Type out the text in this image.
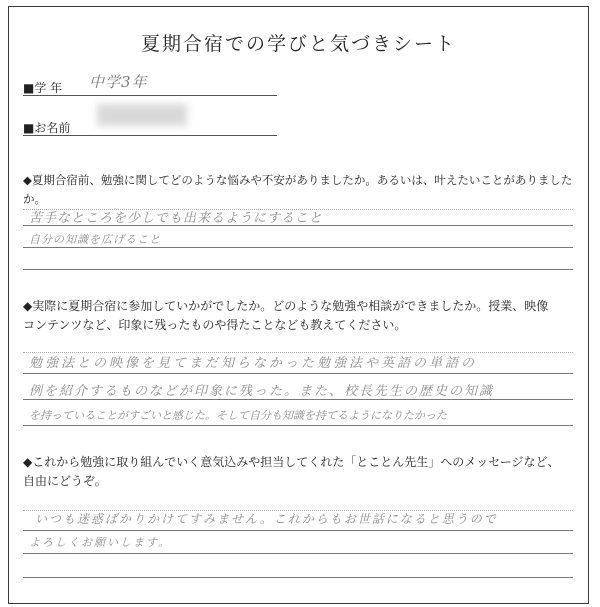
夏期合宿での学びと気づきシート
■学 年 中学3年
■お名前
◆夏期合宿前、勉強に関してどのような悩みや不安がありましたか。あるいは、叶えたいことがありましたか。
苦手なところを少しでも出来るようにすること
自分の知識を広げること
◆実際に夏期合宿に参加していかがでしたか。どのような勉強や相談ができましたか。授業、映像
コンテンツなど、印象に残ったものや得たことなども教えてください。
勉強法との映像を見てまだ知らなかった勉強法や英語の単語の
例を紹介するものなどが印象に残った。また、校長先生の歴史の知識
を持っていることがすごいと感じた。そして自分も知識を持てるようになりたかった
◆これから勉強に取り組んでいく意気込みや担当してくれた「とことん先生」へのメッセージなど、
自由にどうぞ。
いつも迷惑ばかりかけてすみません。これからもお世話になると思うので
よろしくお願いします。
